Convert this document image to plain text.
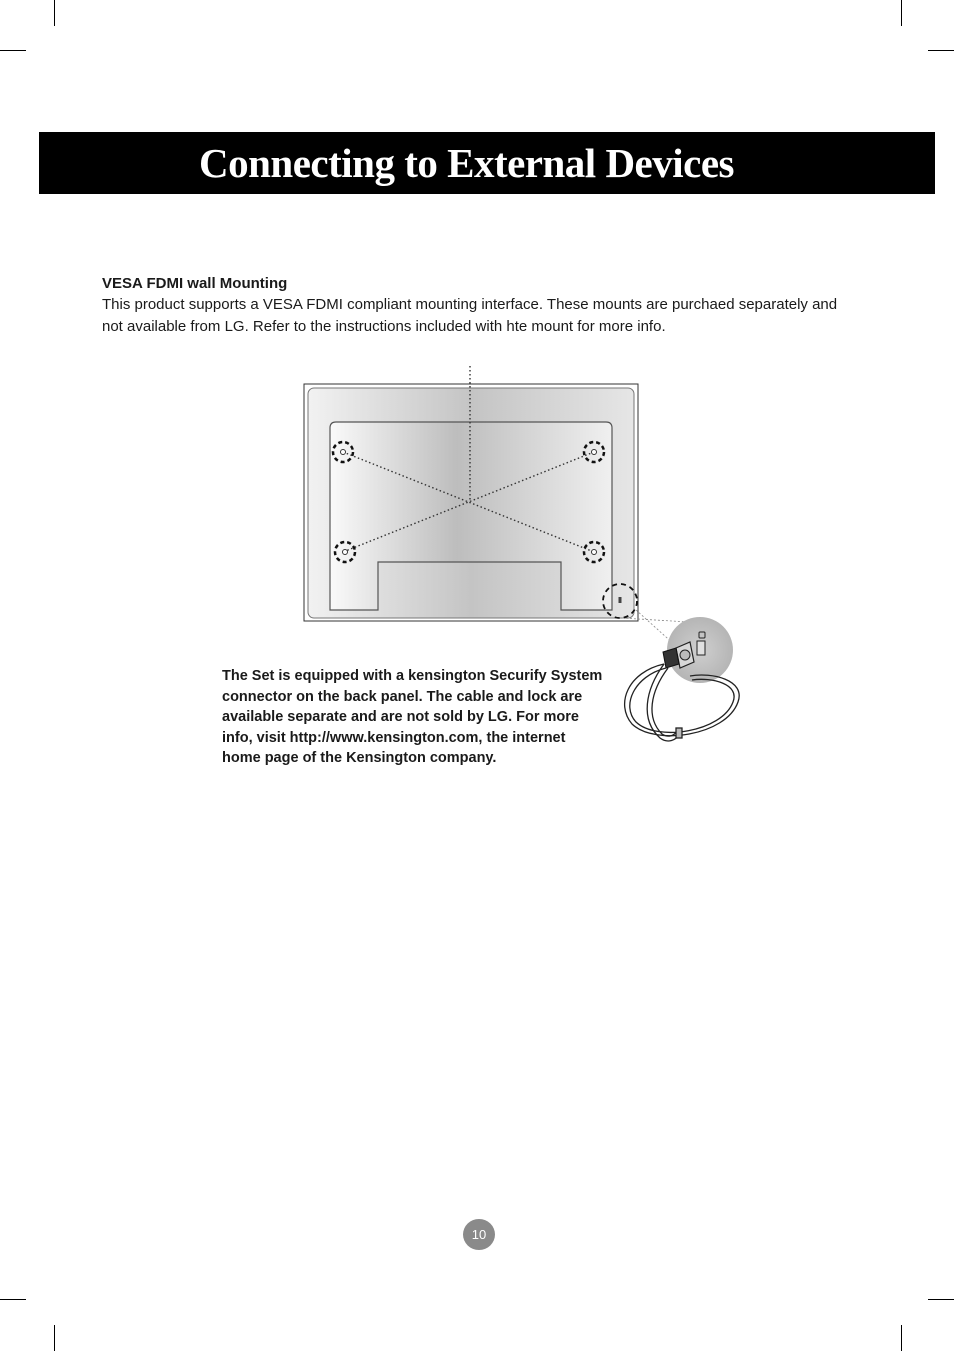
Connecting to External Devices
VESA FDMI wall Mounting

This product supports a VESA FDMI compliant mounting interface. These mounts are purchaed separately and not available from LG. Refer to the instructions included with hte mount for more info.

The Set is equipped with a kensington Securify System connector on the back panel. The cable and lock are available separate and are not sold by LG. For more info, visit http://www.kensington.com, the internet home page of the Kensington company.

10
